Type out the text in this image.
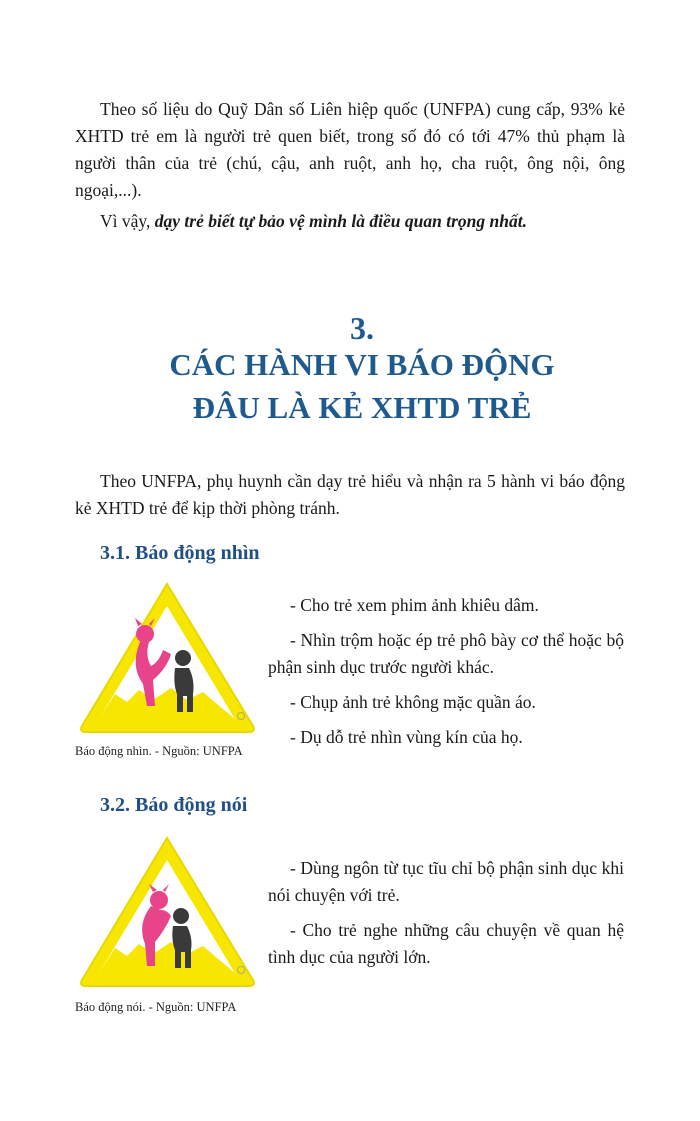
Theo số liệu do Quỹ Dân số Liên hiệp quốc (UNFPA) cung cấp, 93% kẻ XHTD trẻ em là người trẻ quen biết, trong số đó có tới 47% thủ phạm là người thân của trẻ (chú, cậu, anh ruột, anh họ, cha ruột, ông nội, ông ngoại,...).

Vì vậy, dạy trẻ biết tự bảo vệ mình là điều quan trọng nhất.

3.
CÁC HÀNH VI BÁO ĐỘNG
ĐÂU LÀ KẺ XHTD TRẺ

Theo UNFPA, phụ huynh cần dạy trẻ hiểu và nhận ra 5 hành vi báo động kẻ XHTD trẻ để kịp thời phòng tránh.

3.1. Báo động nhìn

Báo động nhìn. - Nguồn: UNFPA

- Cho trẻ xem phim ảnh khiêu dâm.
- Nhìn trộm hoặc ép trẻ phô bày cơ thể hoặc bộ phận sinh dục trước người khác.
- Chụp ảnh trẻ không mặc quần áo.
- Dụ dỗ trẻ nhìn vùng kín của họ.
3.2. Báo động nói

Báo động nói. - Nguồn: UNFPA

- Dùng ngôn từ tục tĩu chỉ bộ phận sinh dục khi nói chuyện với trẻ.
- Cho trẻ nghe những câu chuyện về quan hệ tình dục của người lớn.
